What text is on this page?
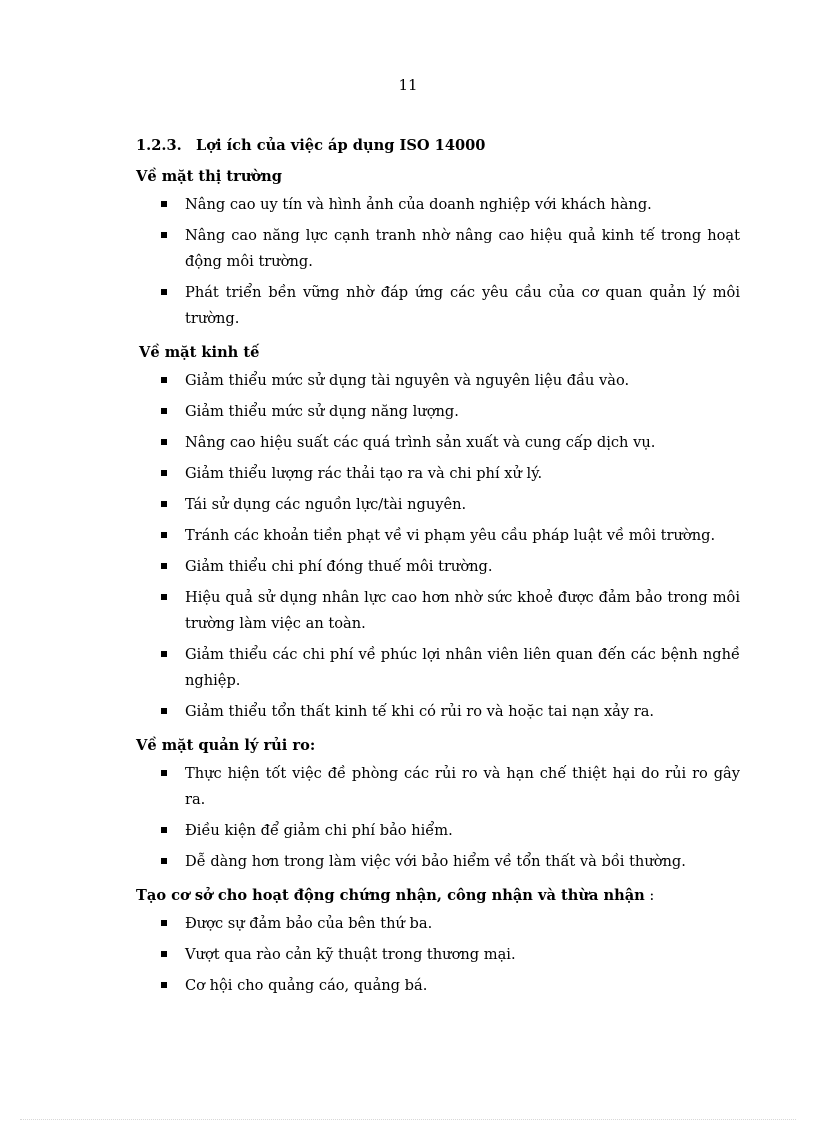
11

1.2.3. Lợi ích của việc áp dụng ISO 14000

Về mặt thị trường

Nâng cao uy tín và hình ảnh của doanh nghiệp với khách hàng.
Nâng cao năng lực cạnh tranh nhờ nâng cao hiệu quả kinh tế trong hoạt động môi trường.
Phát triển bền vững nhờ đáp ứng các yêu cầu của cơ quan quản lý môi trường.

Về mặt kinh tế

Giảm thiểu mức sử dụng tài nguyên và nguyên liệu đầu vào.
Giảm thiểu mức sử dụng năng lượng.
Nâng cao hiệu suất các quá trình sản xuất và cung cấp dịch vụ.
Giảm thiểu lượng rác thải tạo ra và chi phí xử lý.
Tái sử dụng các nguồn lực/tài nguyên.
Tránh các khoản tiền phạt về vi phạm yêu cầu pháp luật về môi trường.
Giảm thiểu chi phí đóng thuế môi trường.
Hiệu quả sử dụng nhân lực cao hơn nhờ sức khoẻ được đảm bảo trong môi trường làm việc an toàn.
Giảm thiểu các chi phí về phúc lợi nhân viên liên quan đến các bệnh nghề nghiệp.
Giảm thiểu tổn thất kinh tế khi có rủi ro và hoặc tai nạn xảy ra.

Về mặt quản lý rủi ro:

Thực hiện tốt việc đề phòng các rủi ro và hạn chế thiệt hại do rủi ro gây ra.
Điều kiện để giảm chi phí bảo hiểm.
Dễ dàng hơn trong làm việc với bảo hiểm về tổn thất và bồi thường.

Tạo cơ sở cho hoạt động chứng nhận, công nhận và thừa nhận :

Được sự đảm bảo của bên thứ ba.
Vượt qua rào cản kỹ thuật trong thương mại.
Cơ hội cho quảng cáo, quảng bá.
